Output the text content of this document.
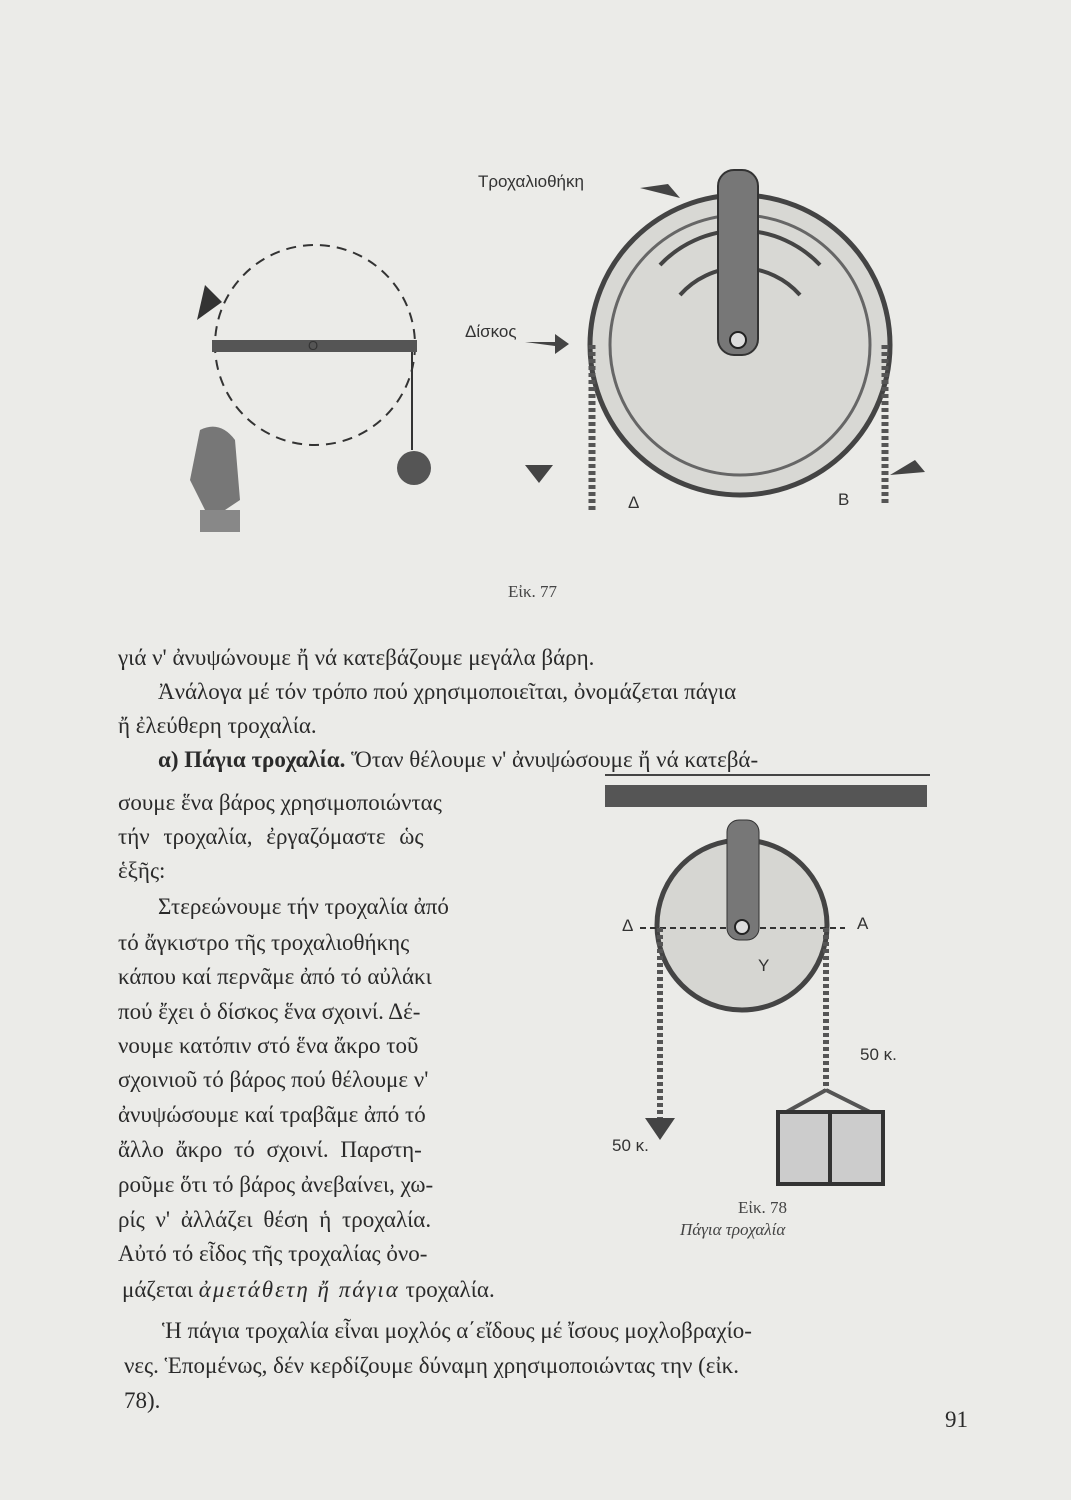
Τροχαλιοθήκη
Δίσκος
Ο
Δ	Β
Εἰκ. 77
Δ	Α
Υ
50 κ.
50 κ.
Εἰκ. 78
Πάγια τροχαλία
γιά ν' ἀνυψώνουμε ἤ νά κατεβάζουμε μεγάλα βάρη.
Ἀνάλογα μέ τόν τρόπο πού χρησιμοποιεῖται, ὀνομάζεται πάγια
ἤ ἐλεύθερη τροχαλία.
α) Πάγια τροχαλία. Ὅταν θέλουμε ν' ἀνυψώσουμε ἤ νά κατεβά-
σουμε ἕνα βάρος χρησιμοποιώντας
τήν τροχαλία, ἐργαζόμαστε ὡς
ἑξῆς:
Στερεώνουμε τήν τροχαλία ἀπό
τό ἄγκιστρο τῆς τροχαλιοθήκης
κάπου καί περνᾶμε ἀπό τό αὐλάκι
πού ἔχει ὁ δίσκος ἕνα σχοινί. Δέ-
νουμε κατόπιν στό ἕνα ἄκρο τοῦ
σχοινιοῦ τό βάρος πού θέλουμε ν'
ἀνυψώσουμε καί τραβᾶμε ἀπό τό
ἄλλο ἄκρο τό σχοινί. Παρστη-
ροῦμε ὅτι τό βάρος ἀνεβαίνει, χω-
ρίς ν' ἀλλάζει θέση ἡ τροχαλία.
Αὐτό τό εἶδος τῆς τροχαλίας ὀνο-
μάζεται ἀμετάθετη ἤ πάγια τροχαλία.
Ἡ πάγια τροχαλία εἶναι μοχλός α΄εἴδους μέ ἴσους μοχλοβραχίο-
νες. Ἑπομένως, δέν κερδίζουμε δύναμη χρησιμοποιώντας την (εἰκ.
78).
91
